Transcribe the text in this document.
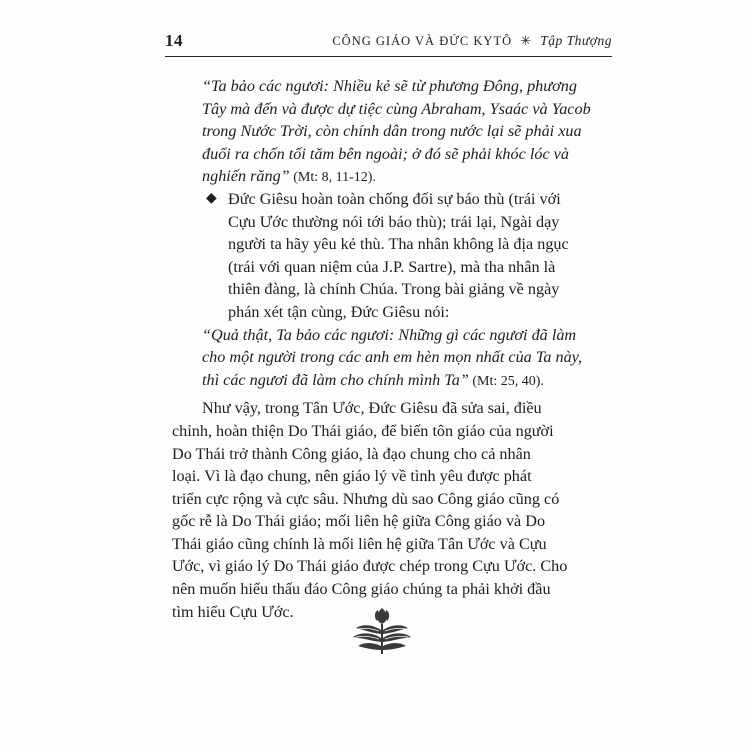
14	CÔNG GIÁO VÀ ĐỨC KYTÔ ✳ Tập Thượng
“Ta bảo các ngươi: Nhiều kẻ sẽ từ phương Đông, phương
Tây mà đến và được dự tiệc cùng Abraham, Ysaác và Yacob
trong Nước Trời, còn chính dân trong nước lại sẽ phải xua
đuổi ra chốn tối tăm bên ngoài; ở đó sẽ phải khóc lóc và
nghiến răng” (Mt: 8, 11-12).
◆ Đức Giêsu hoàn toàn chống đối sự báo thù (trái với
Cựu Ước thường nói tới báo thù); trái lại, Ngài dạy
người ta hãy yêu kẻ thù. Tha nhân không là địa ngục
(trái với quan niệm của J.P. Sartre), mà tha nhân là
thiên đàng, là chính Chúa. Trong bài giảng về ngày
phán xét tận cùng, Đức Giêsu nói:
“Quả thật, Ta bảo các ngươi: Những gì các ngươi đã làm
cho một người trong các anh em hèn mọn nhất của Ta này,
thì các ngươi đã làm cho chính mình Ta” (Mt: 25, 40).
Như vậy, trong Tân Ước, Đức Giêsu đã sửa sai, điều
chỉnh, hoàn thiện Do Thái giáo, để biến tôn giáo của người
Do Thái trở thành Công giáo, là đạo chung cho cả nhân
loại. Vì là đạo chung, nên giáo lý về tình yêu được phát
triển cực rộng và cực sâu. Nhưng dù sao Công giáo cũng có
gốc rễ là Do Thái giáo; mối liên hệ giữa Công giáo và Do
Thái giáo cũng chính là mối liên hệ giữa Tân Ước và Cựu
Ước, vì giáo lý Do Thái giáo được chép trong Cựu Ước. Cho
nên muốn hiểu thấu đáo Công giáo chúng ta phải khởi đầu
tìm hiểu Cựu Ước.
